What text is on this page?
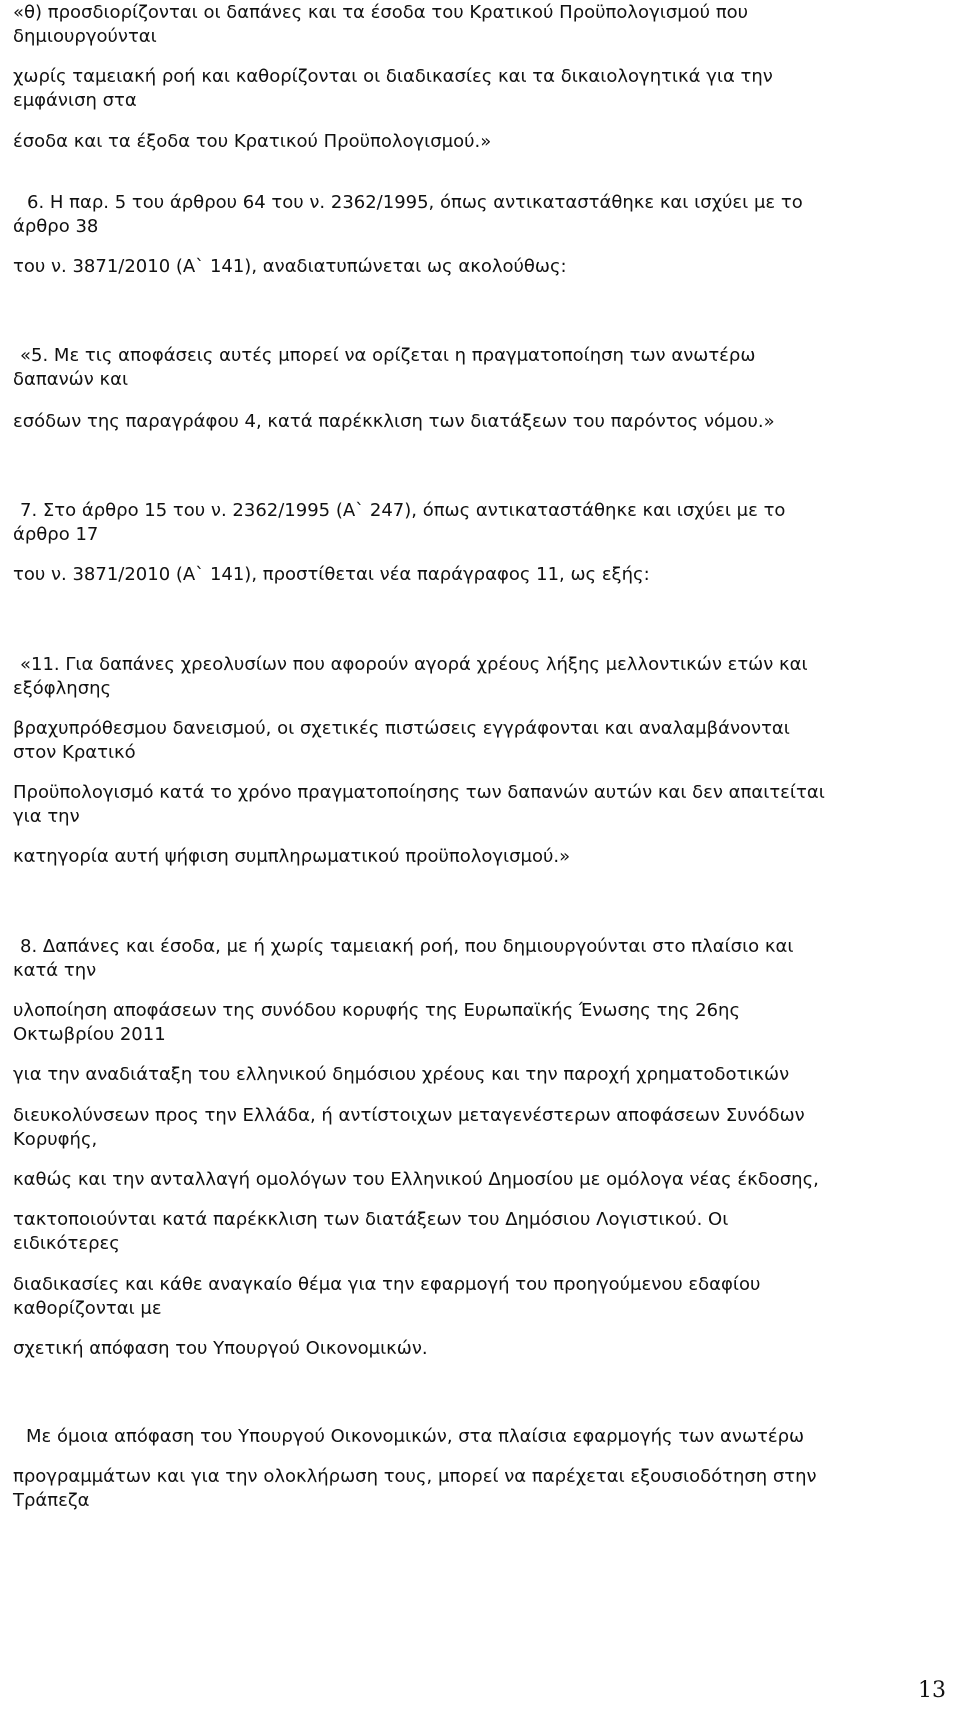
«θ) προσδιορίζονται οι δαπάνες και τα έσοδα του Κρατικού Προϋπολογισμού που

δημιουργούνται

χωρίς ταμειακή ροή και καθορίζονται οι διαδικασίες και τα δικαιολογητικά για την

εμφάνιση στα

έσοδα και τα έξοδα του Κρατικού Προϋπολογισμού.»

6. Η παρ. 5 του άρθρου 64 του ν. 2362/1995, όπως αντικαταστάθηκε και ισχύει με το

άρθρο 38

του ν. 3871/2010 (Α` 141), αναδιατυπώνεται ως ακολούθως:

«5. Με τις αποφάσεις αυτές μπορεί να ορίζεται η πραγματοποίηση των ανωτέρω

δαπανών και

εσόδων της παραγράφου 4, κατά παρέκκλιση των διατάξεων του παρόντος νόμου.»

7. Στο άρθρο 15 του ν. 2362/1995 (Α` 247), όπως αντικαταστάθηκε και ισχύει με το

άρθρο 17

του ν. 3871/2010 (Α` 141), προστίθεται νέα παράγραφος 11, ως εξής:

«11. Για δαπάνες χρεολυσίων που αφορούν αγορά χρέους λήξης μελλοντικών ετών και

εξόφλησης

βραχυπρόθεσμου δανεισμού, οι σχετικές πιστώσεις εγγράφονται και αναλαμβάνονται

στον Κρατικό

Προϋπολογισμό κατά το χρόνο πραγματοποίησης των δαπανών αυτών και δεν απαιτείται

για την

κατηγορία αυτή ψήφιση συμπληρωματικού προϋπολογισμού.»

8. Δαπάνες και έσοδα, με ή χωρίς ταμειακή ροή, που δημιουργούνται στο πλαίσιο και

κατά την

υλοποίηση αποφάσεων της συνόδου κορυφής της Ευρωπαϊκής Ένωσης της 26ης

Οκτωβρίου 2011

για την αναδιάταξη του ελληνικού δημόσιου χρέους και την παροχή χρηματοδοτικών

διευκολύνσεων προς την Ελλάδα, ή αντίστοιχων μεταγενέστερων αποφάσεων Συνόδων

Κορυφής,

καθώς και την ανταλλαγή ομολόγων του Ελληνικού Δημοσίου με ομόλογα νέας έκδοσης,

τακτοποιούνται κατά παρέκκλιση των διατάξεων του Δημόσιου Λογιστικού. Οι

ειδικότερες

διαδικασίες και κάθε αναγκαίο θέμα για την εφαρμογή του προηγούμενου εδαφίου

καθορίζονται με

σχετική απόφαση του Υπουργού Οικονομικών.

Με όμοια απόφαση του Υπουργού Οικονομικών, στα πλαίσια εφαρμογής των ανωτέρω

προγραμμάτων και για την ολοκλήρωση τους, μπορεί να παρέχεται εξουσιοδότηση στην

Τράπεζα

13
